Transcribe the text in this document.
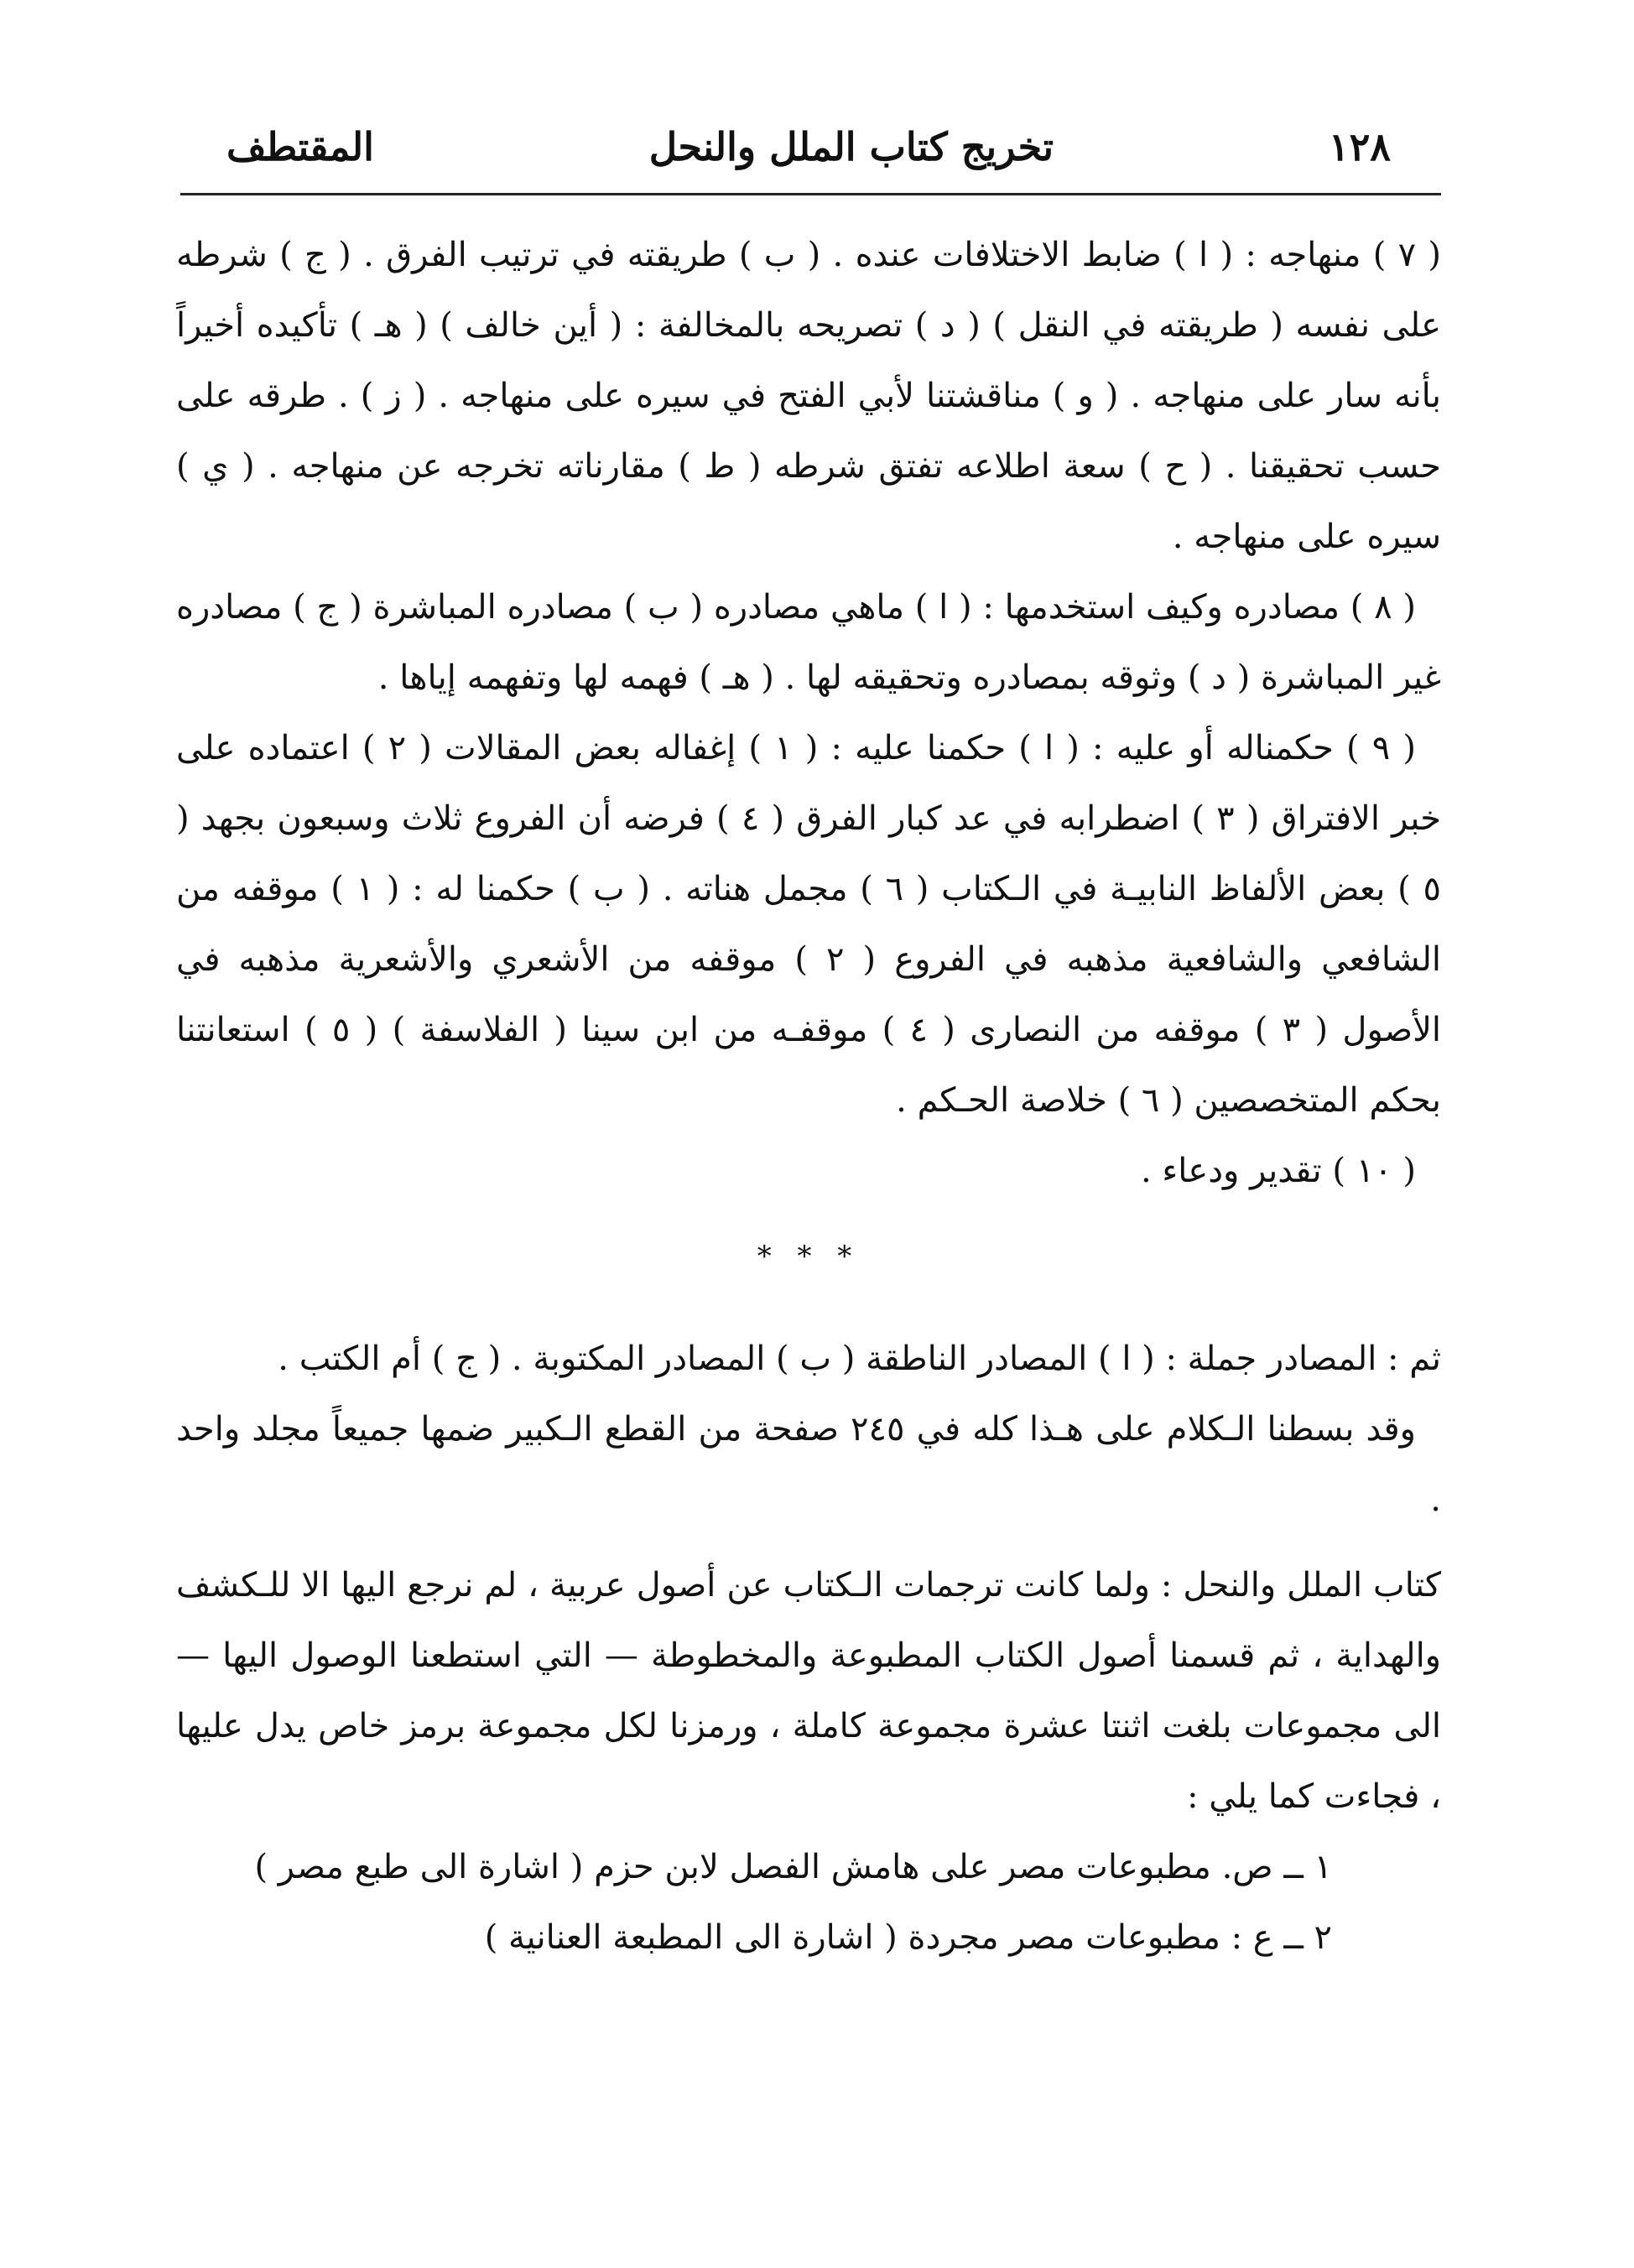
١٢٨
تخريج كتاب الملل والنحل
المقتطف

( ٧ ) منهاجه : ( ا ) ضابط الاختلافات عنده . ( ب ) طريقته في ترتيب الفرق . ( ج ) شرطه على نفسه ( طريقته في النقل ) ( د ) تصريحه بالمخالفة : ( أين خالف ) ( هـ ) تأكيده أخيراً بأنه سار على منهاجه . ( و ) مناقشتنا لأبي الفتح في سيره على منهاجه . ( ز ) . طرقه على حسب تحقيقنا . ( ح ) سعة اطلاعه تفتق شرطه ( ط ) مقارناته تخرجه عن منهاجه . ( ي ) سيره على منهاجه .

( ٨ ) مصادره وكيف استخدمها : ( ا ) ماهي مصادره ( ب ) مصادره المباشرة ( ج ) مصادره غير المباشرة ( د ) وثوقه بمصادره وتحقيقه لها . ( هـ ) فهمه لها وتفهمه إياها .

( ٩ ) حكمناله أو عليه : ( ا ) حكمنا عليه : ( ١ ) إغفاله بعض المقالات ( ٢ ) اعتماده على خبر الافتراق ( ٣ ) اضطرابه في عد كبار الفرق ( ٤ ) فرضه أن الفروع ثلاث وسبعون بجهد ( ٥ ) بعض الألفاظ النابيـة في الـكتاب ( ٦ ) مجمل هناته . ( ب ) حكمنا له : ( ١ ) موقفه من الشافعي والشافعية مذهبه في الفروع ( ٢ ) موقفه من الأشعري والأشعرية مذهبه في الأصول ( ٣ ) موقفه من النصارى ( ٤ ) موقفـه من ابن سينا ( الفلاسفة ) ( ٥ ) استعانتنا بحكم المتخصصين ( ٦ ) خلاصة الحـكم .

( ١٠ ) تقدير ودعاء .

* * *

ثم : المصادر جملة : ( ا ) المصادر الناطقة ( ب ) المصادر المكتوبة . ( ج ) أم الكتب .

وقد بسطنا الـكلام على هـذا كله في ٢٤٥ صفحة من القطع الـكبير ضمها جميعاً مجلد واحد .

كتاب الملل والنحل : ولما كانت ترجمات الـكتاب عن أصول عربية ، لم نرجع اليها الا للـكشف والهداية ، ثم قسمنا أصول الكتاب المطبوعة والمخطوطة — التي استطعنا الوصول اليها — الى مجموعات بلغت اثنتا عشرة مجموعة كاملة ، ورمزنا لكل مجموعة برمز خاص يدل عليها ، فجاءت كما يلي :

١ ــ ص. مطبوعات مصر على هامش الفصل لابن حزم ( اشارة الى طبع مصر )

٢ ــ ع : مطبوعات مصر مجردة ( اشارة الى المطبعة العنانية )
